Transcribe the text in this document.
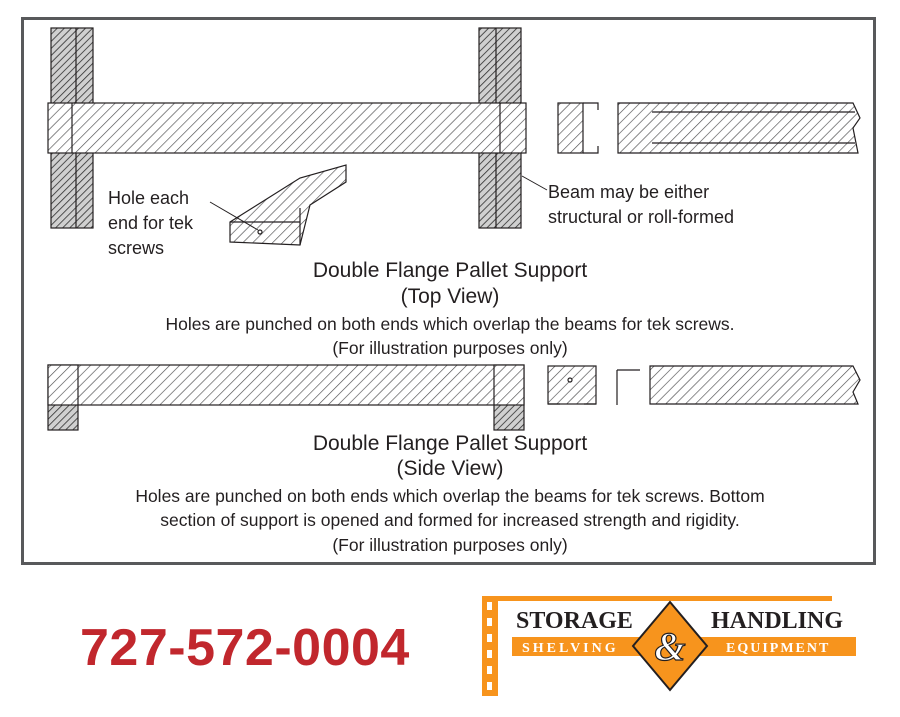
Hole each
end for tek
screws
Beam may be either
structural or roll-formed
Double Flange Pallet Support
(Top View)
Holes are punched on both ends which overlap the beams for tek screws.
(For illustration purposes only)
Double Flange Pallet Support
(Side View)
Holes are punched on both ends which overlap the beams for tek screws. Bottom
section of support is opened and formed for increased strength and rigidity.
(For illustration purposes only)
727-572-0004	STORAGE	HANDLING
SHELVING	EQUIPMENT
&
